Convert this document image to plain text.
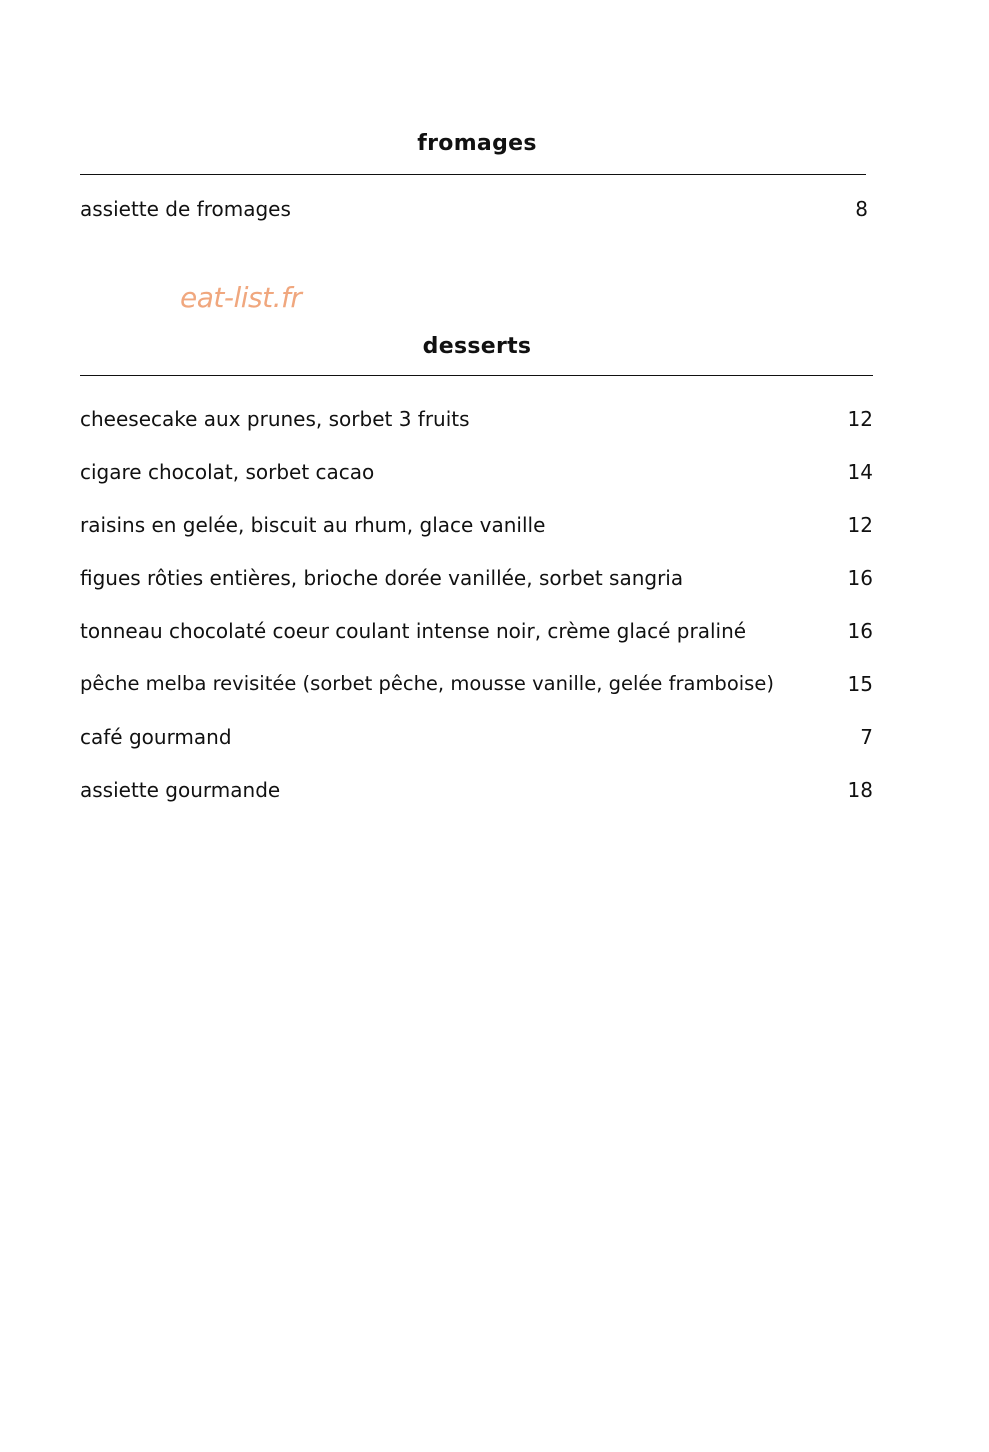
fromages
assiette de fromages	8
eat-list.fr
desserts
cheesecake aux prunes, sorbet 3 fruits	12
cigare chocolat, sorbet cacao	14
raisins en gelée, biscuit au rhum, glace vanille	12
figues rôties entières, brioche dorée vanillée, sorbet sangria	16
tonneau chocolaté coeur coulant intense noir, crème glacé praliné	16
pêche melba revisitée (sorbet pêche, mousse vanille, gelée framboise)	15
café gourmand	7
assiette gourmande	18
